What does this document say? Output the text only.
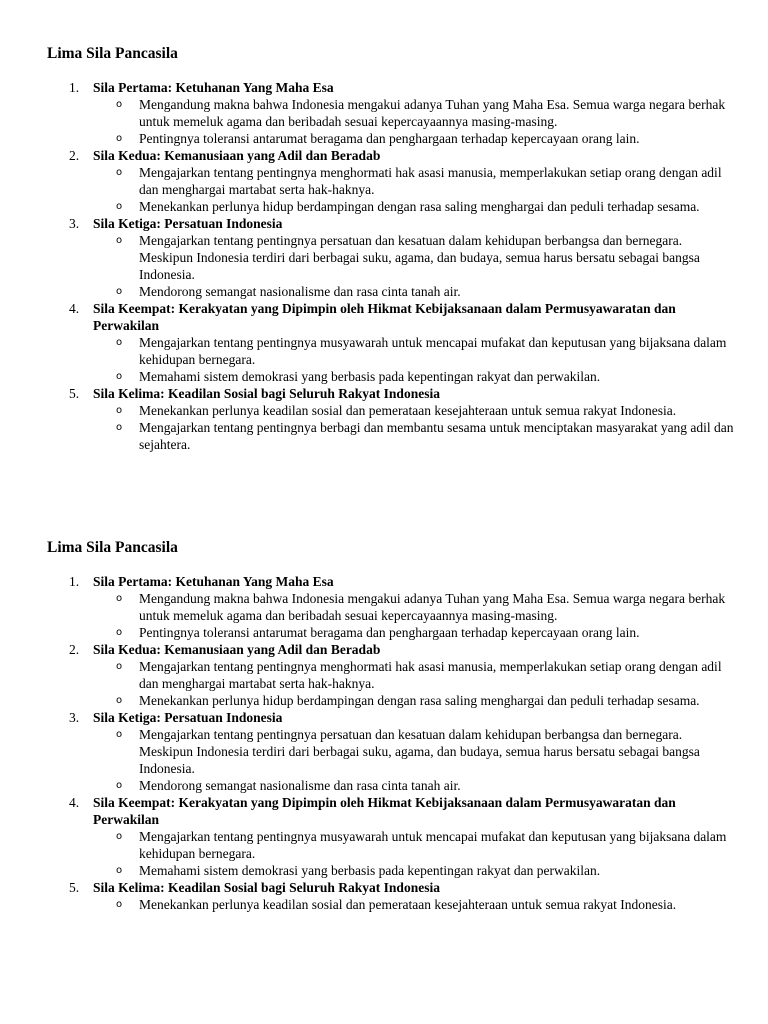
Lima Sila Pancasila
1. Sila Pertama: Ketuhanan Yang Maha Esa
o Mengandung makna bahwa Indonesia mengakui adanya Tuhan yang Maha Esa. Semua warga negara berhak untuk memeluk agama dan beribadah sesuai kepercayaannya masing-masing.
o Pentingnya toleransi antarumat beragama dan penghargaan terhadap kepercayaan orang lain.
2. Sila Kedua: Kemanusiaan yang Adil dan Beradab
o Mengajarkan tentang pentingnya menghormati hak asasi manusia, memperlakukan setiap orang dengan adil dan menghargai martabat serta hak-haknya.
o Menekankan perlunya hidup berdampingan dengan rasa saling menghargai dan peduli terhadap sesama.
3. Sila Ketiga: Persatuan Indonesia
o Mengajarkan tentang pentingnya persatuan dan kesatuan dalam kehidupan berbangsa dan bernegara. Meskipun Indonesia terdiri dari berbagai suku, agama, dan budaya, semua harus bersatu sebagai bangsa Indonesia.
o Mendorong semangat nasionalisme dan rasa cinta tanah air.
4. Sila Keempat: Kerakyatan yang Dipimpin oleh Hikmat Kebijaksanaan dalam Permusyawaratan dan Perwakilan
o Mengajarkan tentang pentingnya musyawarah untuk mencapai mufakat dan keputusan yang bijaksana dalam kehidupan bernegara.
o Memahami sistem demokrasi yang berbasis pada kepentingan rakyat dan perwakilan.
5. Sila Kelima: Keadilan Sosial bagi Seluruh Rakyat Indonesia
o Menekankan perlunya keadilan sosial dan pemerataan kesejahteraan untuk semua rakyat Indonesia.
o Mengajarkan tentang pentingnya berbagi dan membantu sesama untuk menciptakan masyarakat yang adil dan sejahtera.
Lima Sila Pancasila
1. Sila Pertama: Ketuhanan Yang Maha Esa
o Mengandung makna bahwa Indonesia mengakui adanya Tuhan yang Maha Esa. Semua warga negara berhak untuk memeluk agama dan beribadah sesuai kepercayaannya masing-masing.
o Pentingnya toleransi antarumat beragama dan penghargaan terhadap kepercayaan orang lain.
2. Sila Kedua: Kemanusiaan yang Adil dan Beradab
o Mengajarkan tentang pentingnya menghormati hak asasi manusia, memperlakukan setiap orang dengan adil dan menghargai martabat serta hak-haknya.
o Menekankan perlunya hidup berdampingan dengan rasa saling menghargai dan peduli terhadap sesama.
3. Sila Ketiga: Persatuan Indonesia
o Mengajarkan tentang pentingnya persatuan dan kesatuan dalam kehidupan berbangsa dan bernegara. Meskipun Indonesia terdiri dari berbagai suku, agama, dan budaya, semua harus bersatu sebagai bangsa Indonesia.
o Mendorong semangat nasionalisme dan rasa cinta tanah air.
4. Sila Keempat: Kerakyatan yang Dipimpin oleh Hikmat Kebijaksanaan dalam Permusyawaratan dan Perwakilan
o Mengajarkan tentang pentingnya musyawarah untuk mencapai mufakat dan keputusan yang bijaksana dalam kehidupan bernegara.
o Memahami sistem demokrasi yang berbasis pada kepentingan rakyat dan perwakilan.
5. Sila Kelima: Keadilan Sosial bagi Seluruh Rakyat Indonesia
o Menekankan perlunya keadilan sosial dan pemerataan kesejahteraan untuk semua rakyat Indonesia.
